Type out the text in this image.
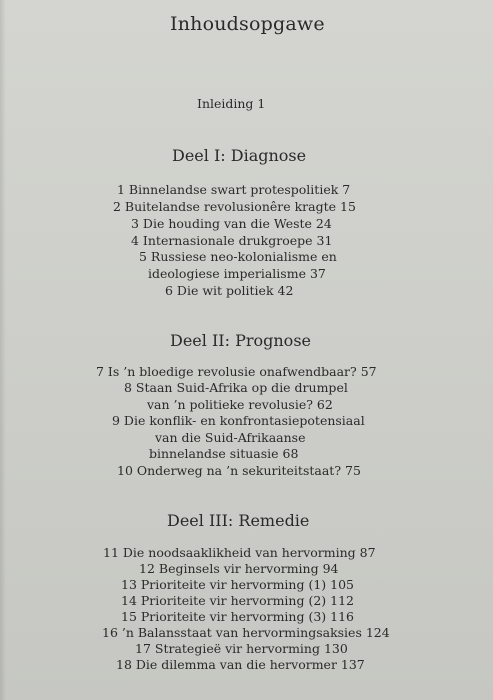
Inhoudsopgawe
Inleiding 1
Deel I: Diagnose
1 Binnelandse swart protespolitiek 7
2 Buitelandse revolusionêre kragte 15
3 Die houding van die Weste 24
4 Internasionale drukgroepe 31
5 Russiese neo-kolonialisme en
ideologiese imperialisme 37
6 Die wit politiek 42
Deel II: Prognose
7 Is ’n bloedige revolusie onafwendbaar? 57
8 Staan Suid-Afrika op die drumpel
van ’n politieke revolusie? 62
9 Die konflik- en konfrontasiepotensiaal
van die Suid-Afrikaanse
binnelandse situasie 68
10 Onderweg na ’n sekuriteitstaat? 75
Deel III: Remedie
11 Die noodsaaklikheid van hervorming 87
12 Beginsels vir hervorming 94
13 Prioriteite vir hervorming (1) 105
14 Prioriteite vir hervorming (2) 112
15 Prioriteite vir hervorming (3) 116
16 ’n Balansstaat van hervormingsaksies 124
17 Strategieë vir hervorming 130
18 Die dilemma van die hervormer 137
